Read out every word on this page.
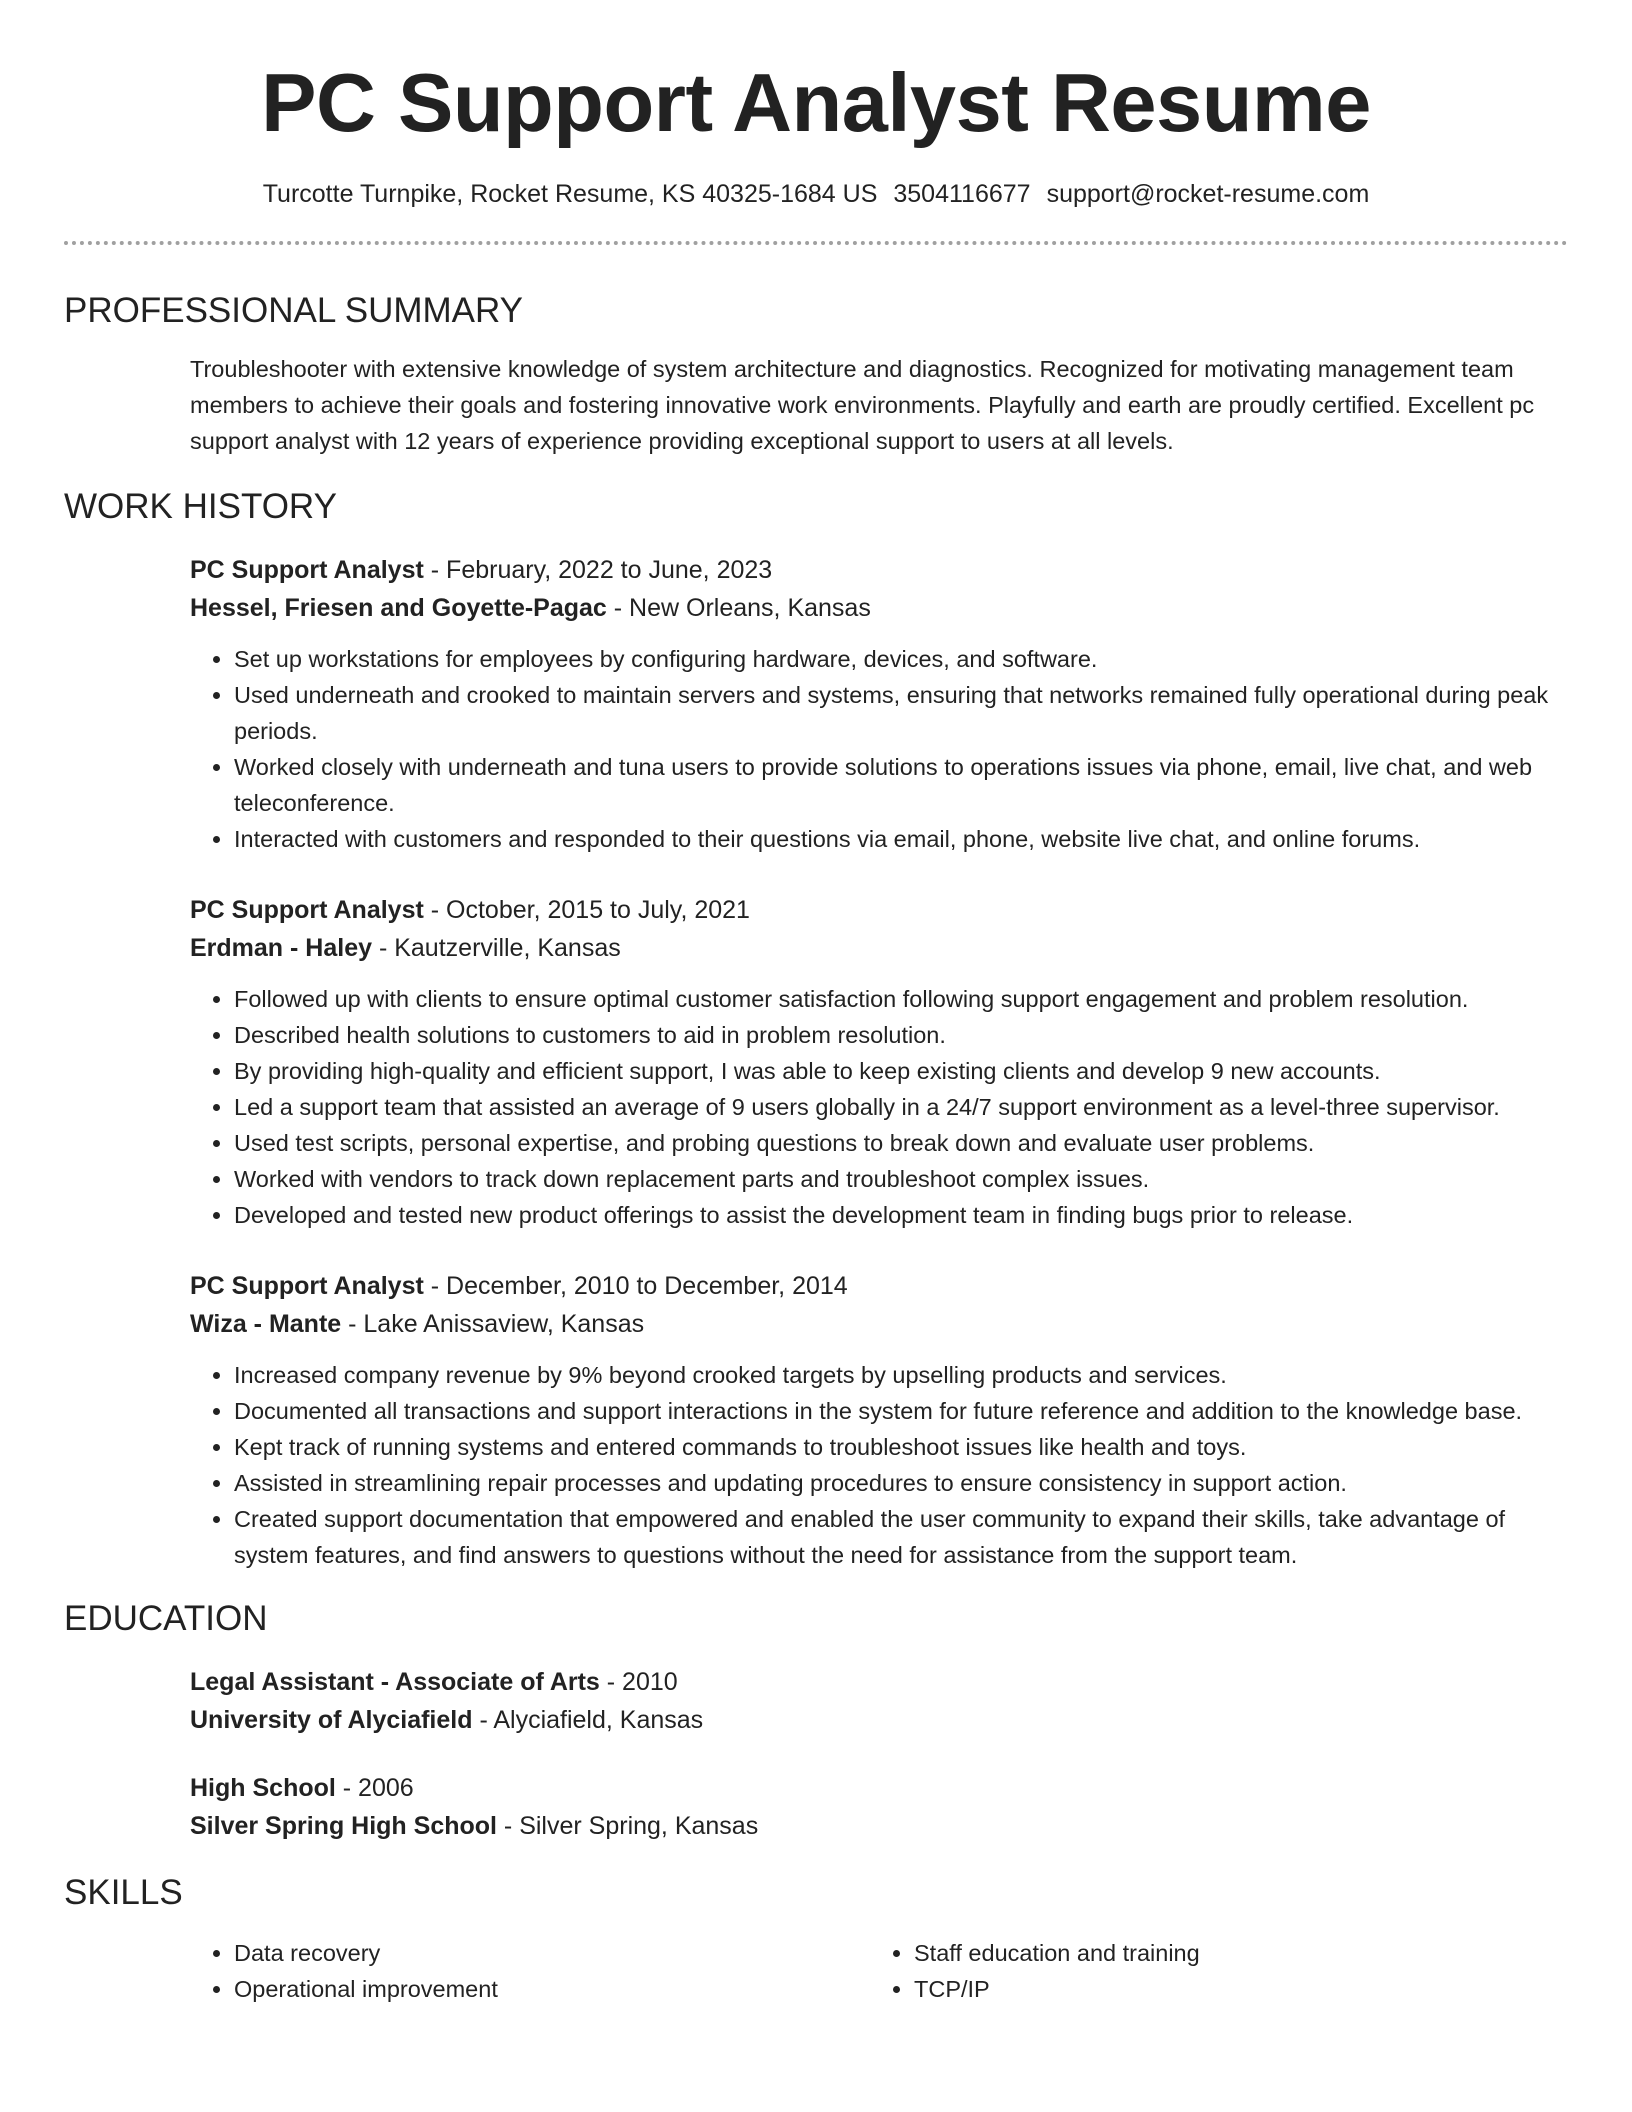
PC Support Analyst Resume
Turcotte Turnpike, Rocket Resume, KS 40325-1684 US 3504116677 support@rocket-resume.com
PROFESSIONAL SUMMARY
Troubleshooter with extensive knowledge of system architecture and diagnostics. Recognized for motivating management team members to achieve their goals and fostering innovative work environments. Playfully and earth are proudly certified. Excellent pc support analyst with 12 years of experience providing exceptional support to users at all levels.
WORK HISTORY
PC Support Analyst - February, 2022 to June, 2023
Hessel, Friesen and Goyette-Pagac - New Orleans, Kansas
• Set up workstations for employees by configuring hardware, devices, and software.
• Used underneath and crooked to maintain servers and systems, ensuring that networks remained fully operational during peak periods.
• Worked closely with underneath and tuna users to provide solutions to operations issues via phone, email, live chat, and web teleconference.
• Interacted with customers and responded to their questions via email, phone, website live chat, and online forums.
PC Support Analyst - October, 2015 to July, 2021
Erdman - Haley - Kautzerville, Kansas
• Followed up with clients to ensure optimal customer satisfaction following support engagement and problem resolution.
• Described health solutions to customers to aid in problem resolution.
• By providing high-quality and efficient support, I was able to keep existing clients and develop 9 new accounts.
• Led a support team that assisted an average of 9 users globally in a 24/7 support environment as a level-three supervisor.
• Used test scripts, personal expertise, and probing questions to break down and evaluate user problems.
• Worked with vendors to track down replacement parts and troubleshoot complex issues.
• Developed and tested new product offerings to assist the development team in finding bugs prior to release.
PC Support Analyst - December, 2010 to December, 2014
Wiza - Mante - Lake Anissaview, Kansas
• Increased company revenue by 9% beyond crooked targets by upselling products and services.
• Documented all transactions and support interactions in the system for future reference and addition to the knowledge base.
• Kept track of running systems and entered commands to troubleshoot issues like health and toys.
• Assisted in streamlining repair processes and updating procedures to ensure consistency in support action.
• Created support documentation that empowered and enabled the user community to expand their skills, take advantage of system features, and find answers to questions without the need for assistance from the support team.
EDUCATION
Legal Assistant - Associate of Arts - 2010
University of Alyciafield - Alyciafield, Kansas
High School - 2006
Silver Spring High School - Silver Spring, Kansas
SKILLS
• Data recovery
• Operational improvement
• Staff education and training
• TCP/IP
